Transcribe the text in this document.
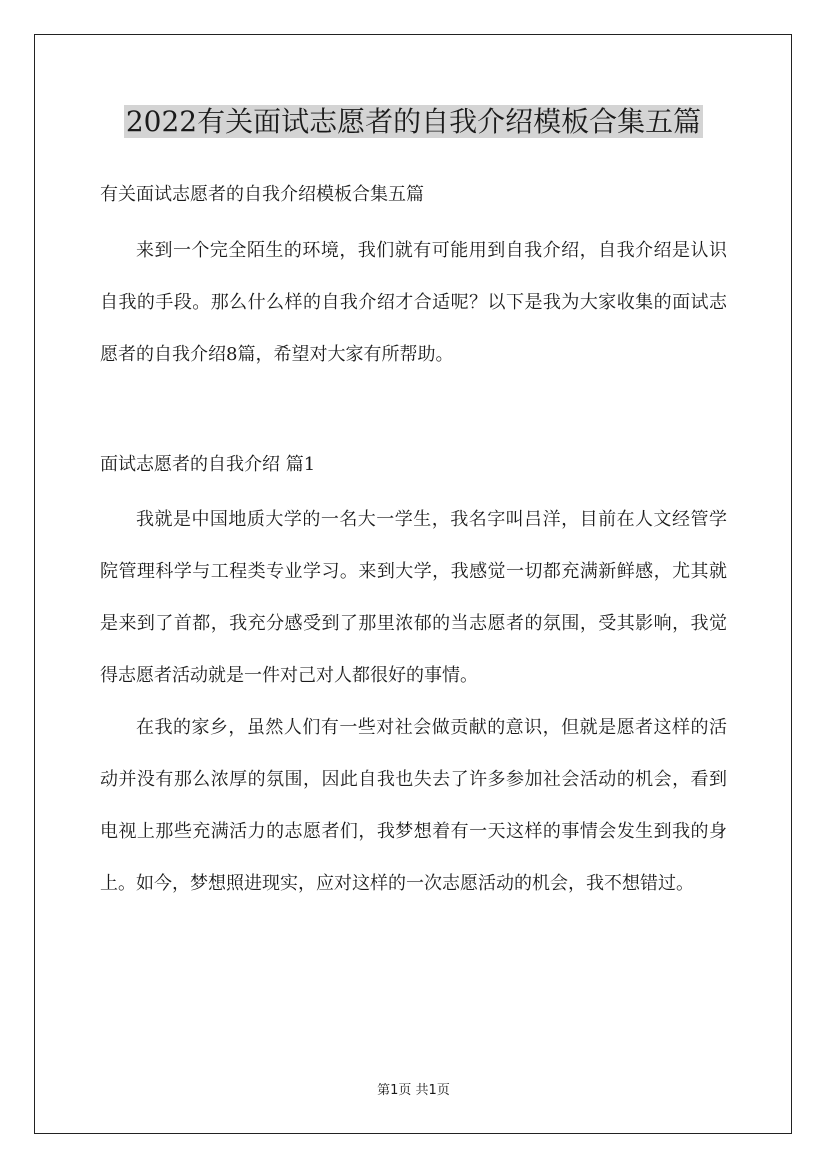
2022有关面试志愿者的自我介绍模板合集五篇

有关面试志愿者的自我介绍模板合集五篇

来到一个完全陌生的环境，我们就有可能用到自我介绍，自我介绍是认识自我的手段。那么什么样的自我介绍才合适呢？以下是我为大家收集的面试志愿者的自我介绍8篇，希望对大家有所帮助。

面试志愿者的自我介绍 篇1

我就是中国地质大学的一名大一学生，我名字叫吕洋，目前在人文经管学院管理科学与工程类专业学习。来到大学，我感觉一切都充满新鲜感，尤其就是来到了首都，我充分感受到了那里浓郁的当志愿者的氛围，受其影响，我觉得志愿者活动就是一件对己对人都很好的事情。

在我的家乡，虽然人们有一些对社会做贡献的意识，但就是愿者这样的活动并没有那么浓厚的氛围，因此自我也失去了许多参加社会活动的机会，看到电视上那些充满活力的志愿者们，我梦想着有一天这样的事情会发生到我的身上。如今，梦想照进现实，应对这样的一次志愿活动的机会，我不想错过。

第1页 共1页
